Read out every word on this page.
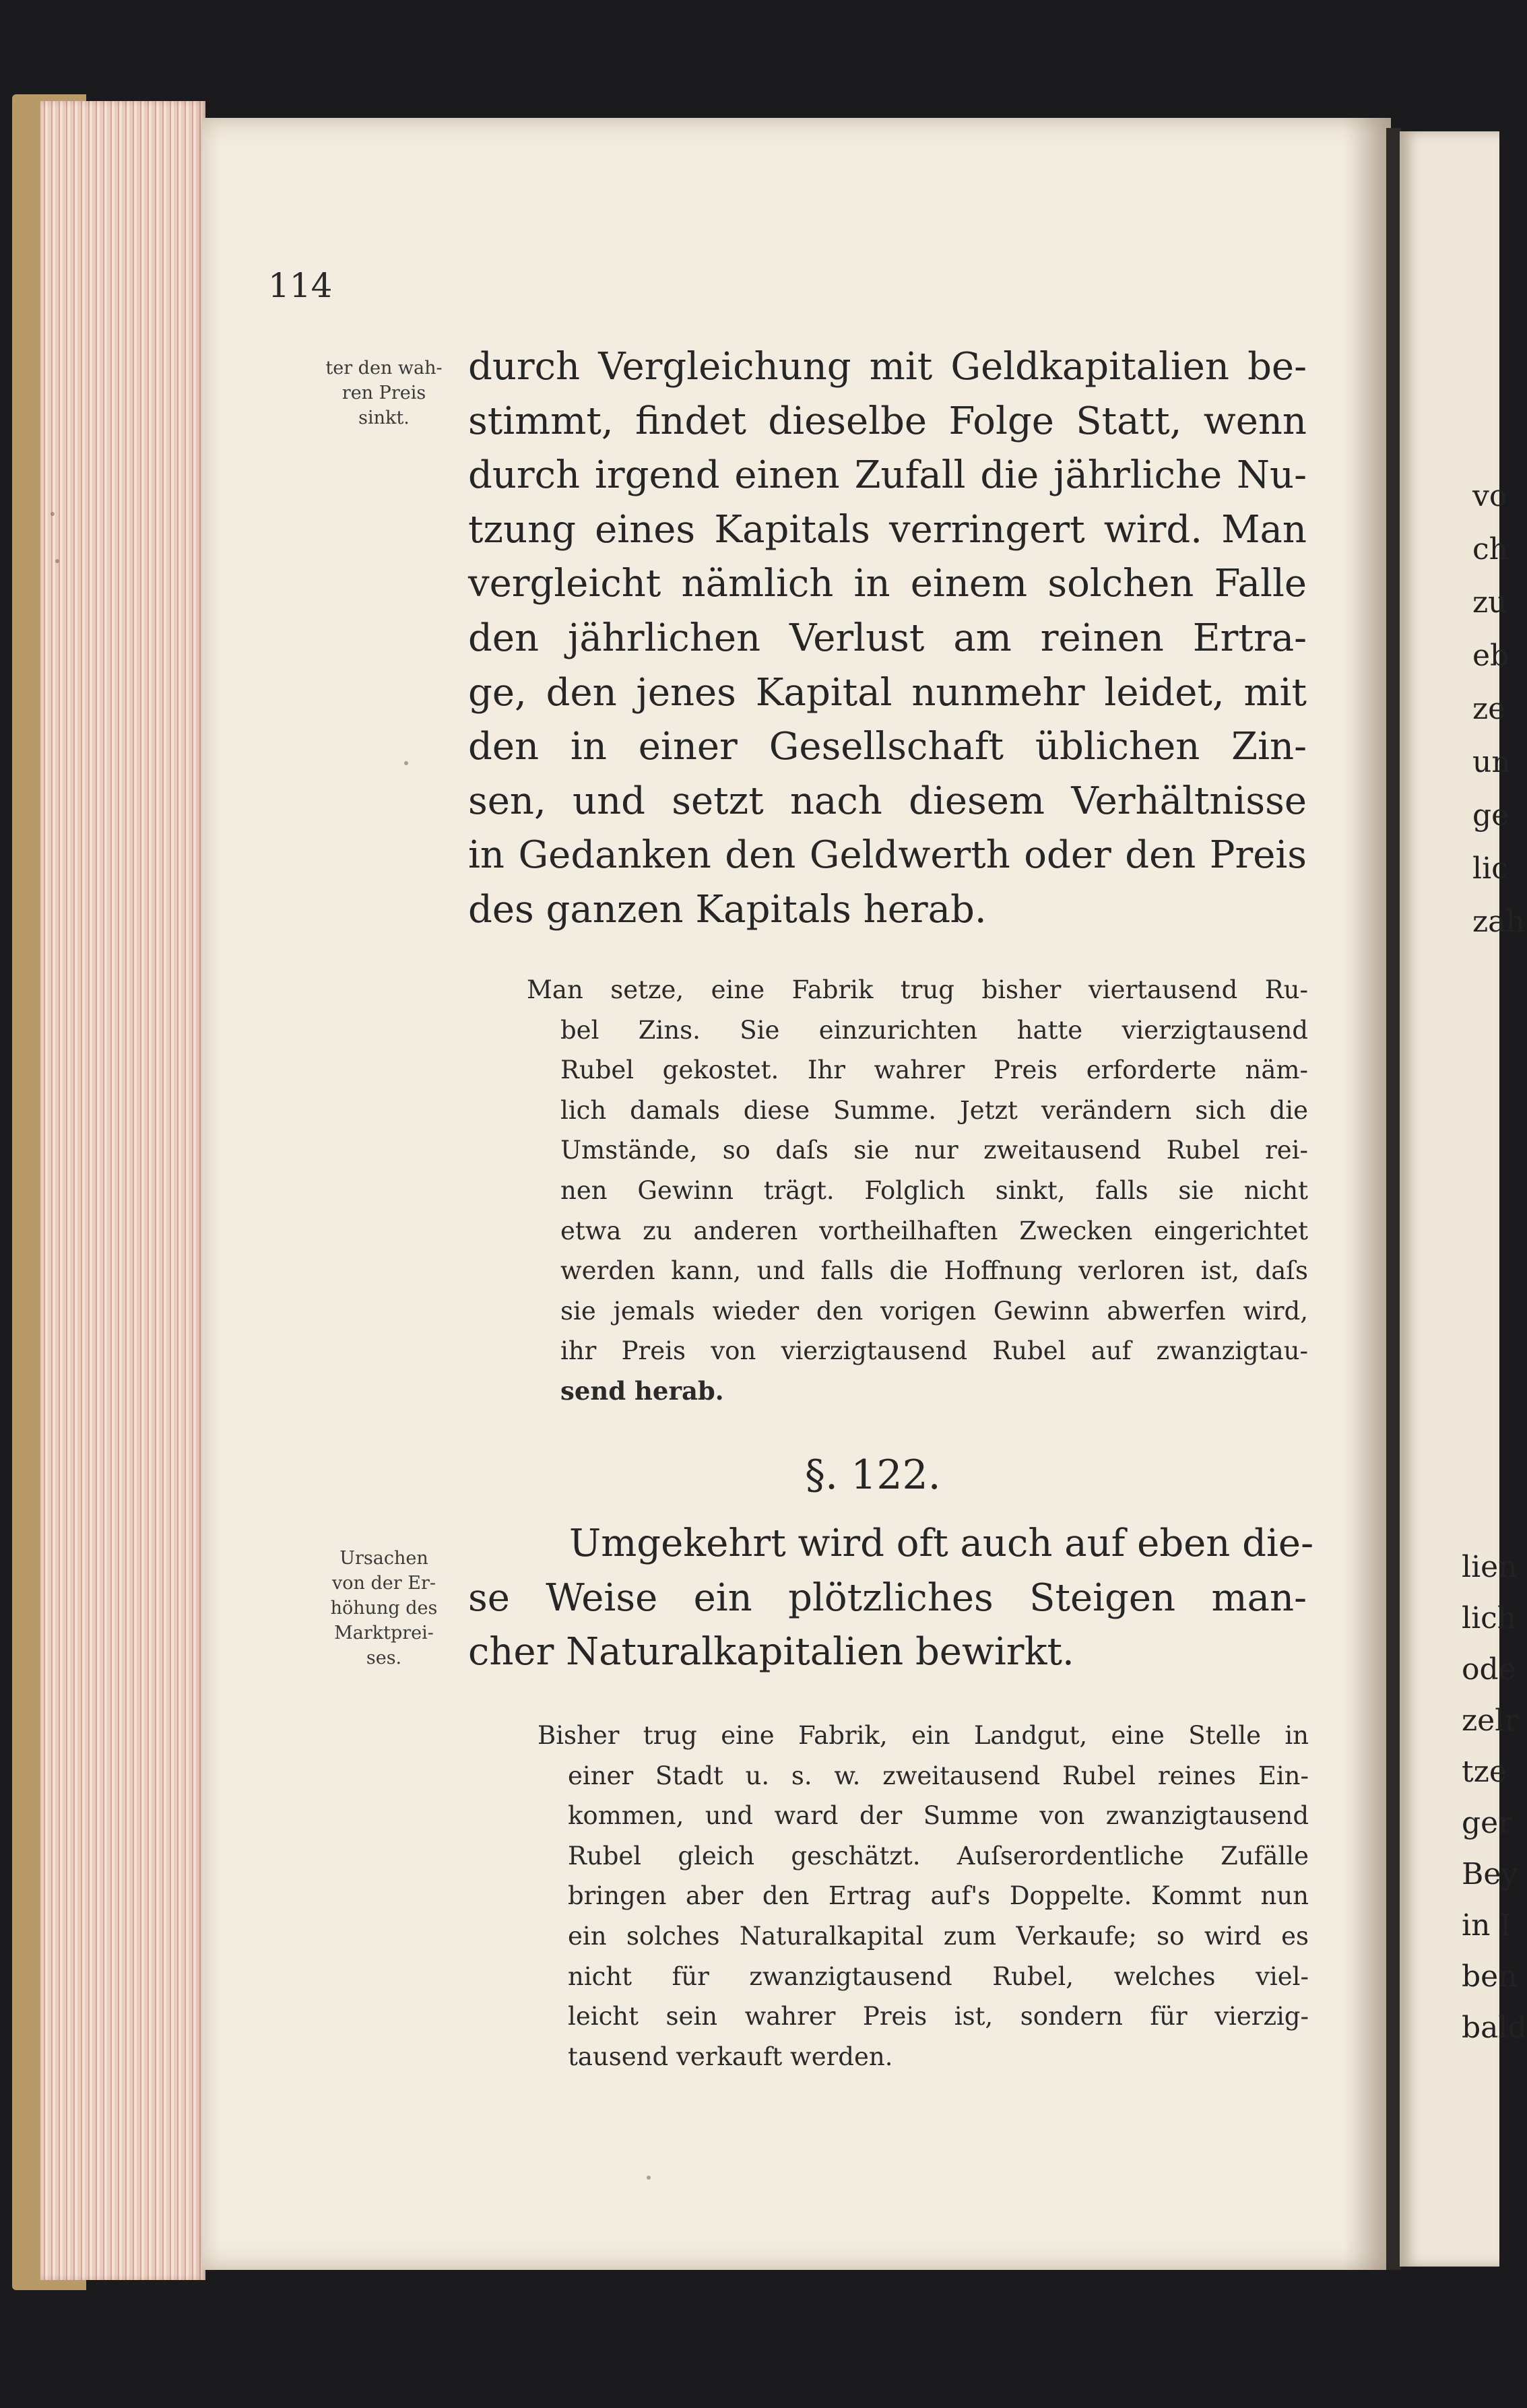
vo
ch
zu
eb
ze
un
ge
lic
zah
lien
lich
ode
zelr
tze
ger
Bey
in I
ben
bald
114
ter den wah-
ren Preis
sinkt.
durch Vergleichung mit Geldkapitalien be-
stimmt, findet dieselbe Folge Statt, wenn
durch irgend einen Zufall die jährliche Nu-
tzung eines Kapitals verringert wird. Man
vergleicht nämlich in einem solchen Falle
den jährlichen Verlust am reinen Ertra-
ge, den jenes Kapital nunmehr leidet, mit
den in einer Gesellschaft üblichen Zin-
sen, und setzt nach diesem Verhältnisse
in Gedanken den Geldwerth oder den Preis
des ganzen Kapitals herab.
Man setze, eine Fabrik trug bisher viertausend Ru-
bel Zins. Sie einzurichten hatte vierzigtausend
Rubel gekostet. Ihr wahrer Preis erforderte näm-
lich damals diese Summe. Jetzt verändern sich die
Umstände, so daſs sie nur zweitausend Rubel rei-
nen Gewinn trägt. Folglich sinkt, falls sie nicht
etwa zu anderen vortheilhaften Zwecken eingerichtet
werden kann, und falls die Hoffnung verloren ist, daſs
sie jemals wieder den vorigen Gewinn abwerfen wird,
ihr Preis von vierzigtausend Rubel auf zwanzigtau-
send herab.
§. 122.
Ursachen
von der Er-
höhung des
Marktprei-
ses.
Umgekehrt wird oft auch auf eben die-
se Weise ein plötzliches Steigen man-
cher Naturalkapitalien bewirkt.
Bisher trug eine Fabrik, ein Landgut, eine Stelle in
einer Stadt u. s. w. zweitausend Rubel reines Ein-
kommen, und ward der Summe von zwanzigtausend
Rubel gleich geschätzt. Auſserordentliche Zufälle
bringen aber den Ertrag auf's Doppelte. Kommt nun
ein solches Naturalkapital zum Verkaufe; so wird es
nicht für zwanzigtausend Rubel, welches viel-
leicht sein wahrer Preis ist, sondern für vierzig-
tausend verkauft werden.
